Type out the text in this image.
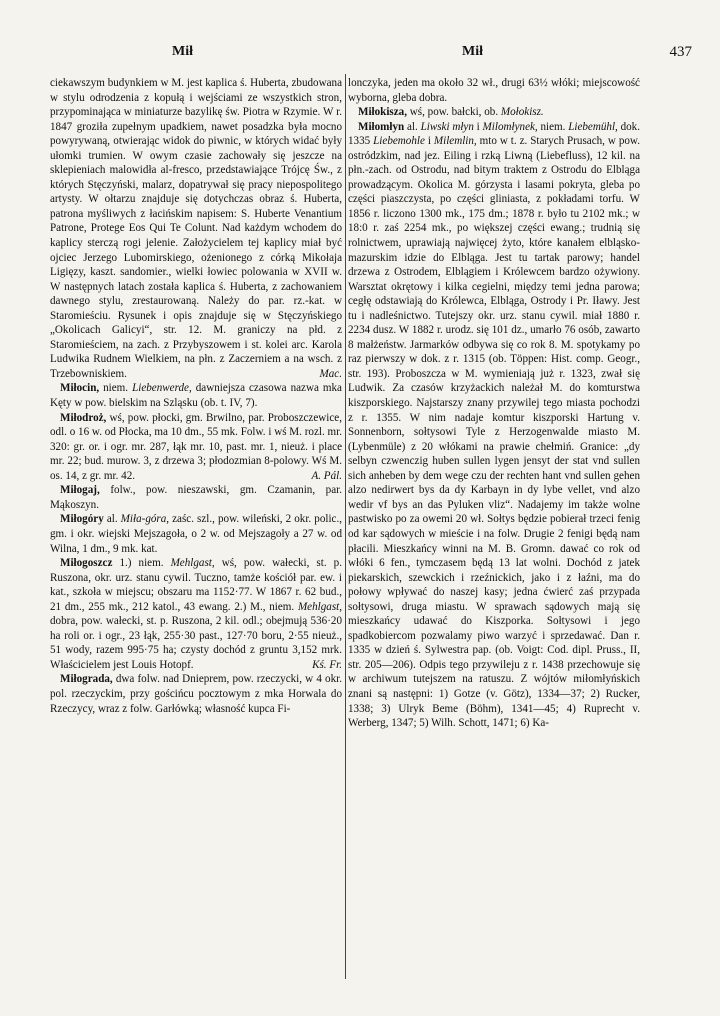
Mił	Mił	437

ciekawszym budynkiem w M. jest kaplica ś. Huberta, zbudowana w stylu odrodzenia z kopułą i wejściami ze wszystkich stron, przypominająca w miniaturze bazylikę św. Piotra w Rzymie. W r. 1847 groziła zupełnym upadkiem, nawet posadzka była mocno powyrywaną, otwierając widok do piwnic, w których widać były ułomki trumien. W owym czasie zachowały się jeszcze na sklepieniach malowidła al-fresco, przedstawiające Trójcę Św., z których Stęczyński, malarz, dopatrywał się pracy niepospolitego artysty. W ołtarzu znajduje się dotychczas obraz ś. Huberta, patrona myśliwych z łacińskim napisem: S. Huberte Venantium Patrone, Protege Eos Qui Te Colunt. Nad każdym wchodem do kaplicy sterczą rogi jelenie. Założycielem tej kaplicy miał być ojciec Jerzego Lubomirskiego, ożenionego z córką Mikołaja Ligięzy, kaszt. sandomier., wielki łowiec polowania w XVII w. W następnych latach została kaplica ś. Huberta, z zachowaniem dawnego stylu, zrestaurowaną. Należy do par. rz.-kat. w Staromieściu. Rysunek i opis znajduje się w Stęczyńskiego „Okolicach Galicyi“, str. 12. M. graniczy na płd. z Staromieściem, na zach. z Przybyszowem i st. kolei arc. Karola Ludwika Rudnem Wielkiem, na płn. z Zaczerniem a na wsch. z Trzebowniskiem.	Mac.

Miłocin, niem. Liebenwerde, dawniejsza czasowa nazwa mka Kęty w pow. bielskim na Szląsku (ob. t. IV, 7).

Miłodroż, wś, pow. płocki, gm. Brwilno, par. Proboszczewice, odl. o 16 w. od Płocka, ma 10 dm., 55 mk. Folw. i wś M. rozl. mr. 320: gr. or. i ogr. mr. 287, łąk mr. 10, past. mr. 1, nieuż. i place mr. 22; bud. murow. 3, z drzewa 3; płodozmian 8-polowy. Wś M. os. 14, z gr. mr. 42.	A. Pál.

Miłogaj, folw., pow. nieszawski, gm. Czamanin, par. Mąkoszyn.

Miłogóry al. Miła-góra, zaśc. szl., pow. wileński, 2 okr. polic., gm. i okr. wiejski Mejszagoła, o 2 w. od Mejszagoły a 27 w. od Wilna, 1 dm., 9 mk. kat.

Miłogoszcz 1.) niem. Mehlgast, wś, pow. wałecki, st. p. Ruszona, okr. urz. stanu cywil. Tuczno, tamże kościół par. ew. i kat., szkoła w miejscu; obszaru ma 1152·77. W 1867 r. 62 bud., 21 dm., 255 mk., 212 katol., 43 ewang. 2.) M., niem. Mehlgast, dobra, pow. wałecki, st. p. Ruszona, 2 kil. odl.; obejmują 536·20 ha roli or. i ogr., 23 łąk, 255·30 past., 127·70 boru, 2·55 nieuż., 51 wody, razem 995·75 ha; czysty dochód z gruntu 3,152 mrk. Właścicielem jest Louis Hotopf.	Kś. Fr.

Miłograda, dwa folw. nad Dnieprem, pow. rzeczycki, w 4 okr. pol. rzeczyckim, przy gościńcu pocztowym z mka Horwala do Rzeczycy, wraz z folw. Garłówką; własność kupca Fi-

lonczyka, jeden ma około 32 wł., drugi 63½ włóki; miejscowość wyborna, gleba dobra.

Miłokisza, wś, pow. bałcki, ob. Mołokisz.

Miłomłyn al. Liwski młyn i Milomłynek, niem. Liebemühl, dok. 1335 Liebemohle i Milemlin, mto w t. z. Starych Prusach, w pow. ostródzkim, nad jez. Eiling i rzką Liwną (Liebefluss), 12 kil. na płn.-zach. od Ostrodu, nad bitym traktem z Ostrodu do Elbląga prowadzącym. Okolica M. górzysta i lasami pokryta, gleba po części piaszczysta, po części gliniasta, z pokładami torfu. W 1856 r. liczono 1300 mk., 175 dm.; 1878 r. było tu 2102 mk.; w 18:0 r. zaś 2254 mk., po większej części ewang.; trudnią się rolnictwem, uprawiają najwięcej żyto, które kanałem elbląsko-mazurskim idzie do Elbląga. Jest tu tartak parowy; handel drzewa z Ostrodem, Elblągiem i Królewcem bardzo ożywiony. Warsztat okrętowy i kilka cegielni, między temi jedna parowa; cegłę odstawiają do Królewca, Elbląga, Ostrody i Pr. Iławy. Jest tu i nadleśnictwo. Tutejszy okr. urz. stanu cywil. miał 1880 r. 2234 dusz. W 1882 r. urodz. się 101 dz., umarło 76 osób, zawarto 8 małżeństw. Jarmarków odbywa się co rok 8. M. spotykamy po raz pierwszy w dok. z r. 1315 (ob. Töppen: Hist. comp. Geogr., str. 193). Proboszcza w M. wymieniają już r. 1323, zwał się Ludwik. Za czasów krzyżackich należał M. do komturstwa kiszporskiego. Najstarszy znany przywilej tego miasta pochodzi z r. 1355. W nim nadaje komtur kiszporski Hartung v. Sonnenborn, sołtysowi Tyle z Herzogenwalde miasto M. (Lybenmüle) z 20 włókami na prawie chełmiń. Granice: „dy selbyn czwenczig huben sullen lygen jensyt der stat vnd sullen sich anheben by dem wege czu der rechten hant vnd sullen gehen alzo nedirwert bys da dy Karbayn in dy lybe vellet, vnd alzo wedir vf bys an das Pyluken vliz“. Nadajemy im także wolne pastwisko po za owemi 20 wł. Sołtys będzie pobierał trzeci fenig od kar sądowych w mieście i na folw. Drugie 2 fenigi będą nam płacili. Mieszkańcy winni na M. B. Gromn. dawać co rok od włóki 6 fen., tymczasem będą 13 lat wolni. Dochód z jatek piekarskich, szewckich i rzeźnickich, jako i z łaźni, ma do połowy wpływać do naszej kasy; jedna ćwierć zaś przypada sołtysowi, druga miastu. W sprawach sądowych mają się mieszkańcy udawać do Kiszporka. Sołtysowi i jego spadkobiercom pozwalamy piwo warzyć i sprzedawać. Dan r. 1335 w dzień ś. Sylwestra pap. (ob. Voigt: Cod. dipl. Pruss., II, str. 205—206). Odpis tego przywileju z r. 1438 przechowuje się w archiwum tutejszem na ratuszu. Z wójtów miłomłyńskich znani są następni: 1) Gotze (v. Götz), 1334—37; 2) Rucker, 1338; 3) Ulryk Beme (Böhm), 1341—45; 4) Ruprecht v. Werberg, 1347; 5) Wilh. Schott, 1471; 6) Ka-
